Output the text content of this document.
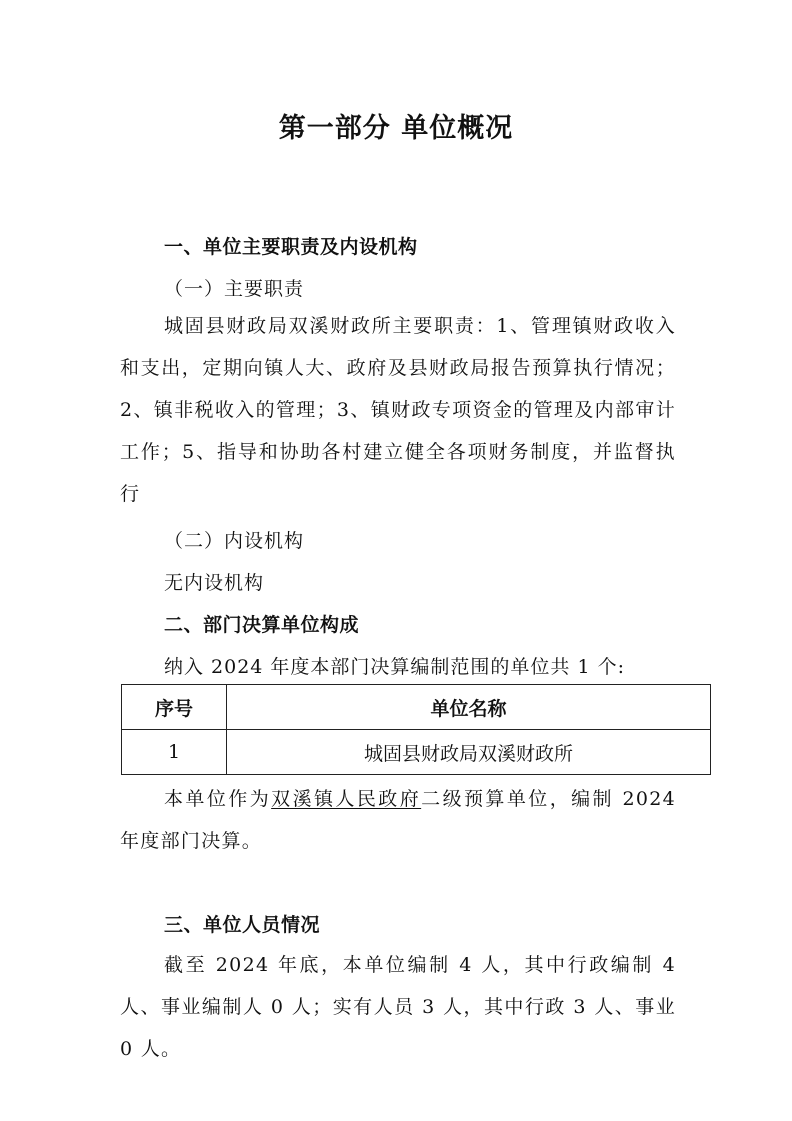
第一部分 单位概况
一、单位主要职责及内设机构
（一）主要职责

城固县财政局双溪财政所主要职责：1、管理镇财政收入和支出，定期向镇人大、政府及县财政局报告预算执行情况；2、镇非税收入的管理；3、镇财政专项资金的管理及内部审计工作；5、指导和协助各村建立健全各项财务制度，并监督执行

（二）内设机构
无内设机构
二、部门决算单位构成
纳入 2024 年度本部门决算编制范围的单位共 1 个:
序号	单位名称
1	城固县财政局双溪财政所

本单位作为双溪镇人民政府二级预算单位，编制 2024 年度部门决算。

三、单位人员情况

截至 2024 年底，本单位编制 4 人，其中行政编制 4 人、事业编制人 0 人；实有人员 3 人，其中行政 3 人、事业 0 人。
